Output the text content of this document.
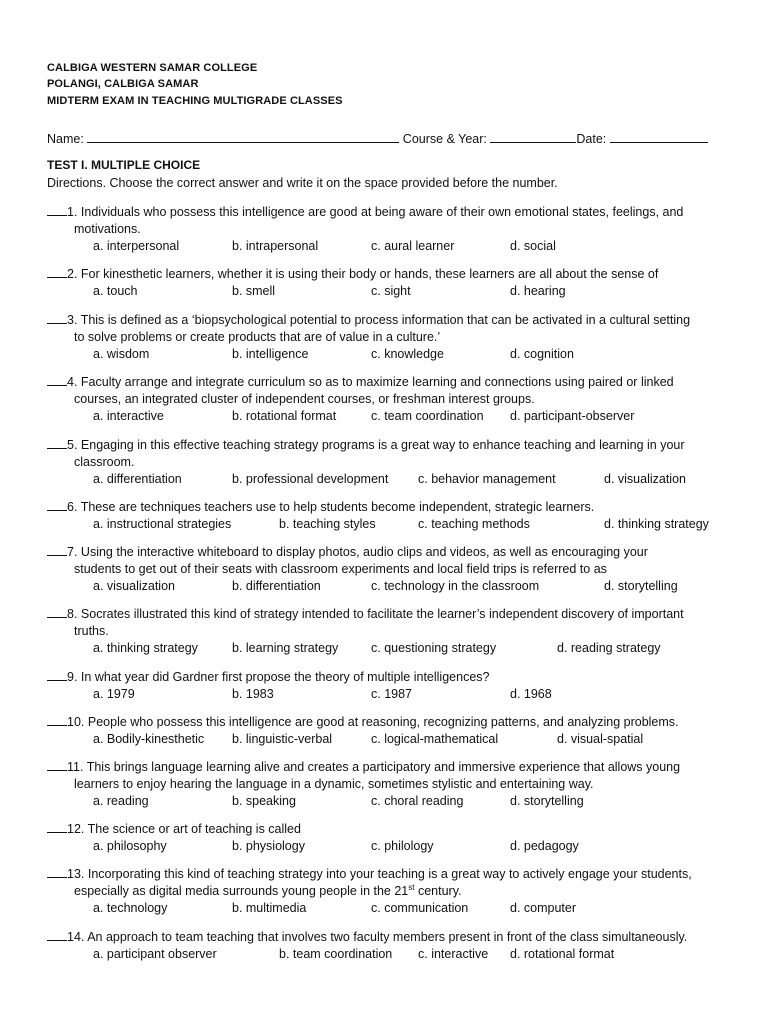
CALBIGA WESTERN SAMAR COLLEGE
POLANGI, CALBIGA SAMAR
MIDTERM EXAM IN TEACHING MULTIGRADE CLASSES
Name:	Course & Year:	Date:
TEST I. MULTIPLE CHOICE
Directions. Choose the correct answer and write it on the space provided before the number.
1. Individuals who possess this intelligence are good at being aware of their own emotional states, feelings, and
motivations.
a. interpersonal	b. intrapersonal	c. aural learner	d. social
2. For kinesthetic learners, whether it is using their body or hands, these learners are all about the sense of
a. touch	b. smell	c. sight	d. hearing
3. This is defined as a ‘biopsychological potential to process information that can be activated in a cultural setting
to solve problems or create products that are of value in a culture.’
a. wisdom	b. intelligence	c. knowledge	d. cognition
4. Faculty arrange and integrate curriculum so as to maximize learning and connections using paired or linked
courses, an integrated cluster of independent courses, or freshman interest groups.
a. interactive	b. rotational format	c. team coordination d. participant-observer
5. Engaging in this effective teaching strategy programs is a great way to enhance teaching and learning in your
classroom.
a. differentiation	b. professional development c. behavior management	d. visualization
6. These are techniques teachers use to help students become independent, strategic learners.
a. instructional strategies	b. teaching styles	c. teaching methods	d. thinking strategy
7. Using the interactive whiteboard to display photos, audio clips and videos, as well as encouraging your
students to get out of their seats with classroom experiments and local field trips is referred to as
a. visualization	b. differentiation	c. technology in the classroom	d. storytelling
8. Socrates illustrated this kind of strategy intended to facilitate the learner’s independent discovery of important
truths.
a. thinking strategy	b. learning strategy	c. questioning strategy	d. reading strategy
9. In what year did Gardner first propose the theory of multiple intelligences?
a. 1979	b. 1983	c. 1987	d. 1968
10. People who possess this intelligence are good at reasoning, recognizing patterns, and analyzing problems.
a. Bodily-kinesthetic b. linguistic-verbal	c. logical-mathematical	d. visual-spatial
11. This brings language learning alive and creates a participatory and immersive experience that allows young
learners to enjoy hearing the language in a dynamic, sometimes stylistic and entertaining way.
a. reading	b. speaking	c. choral reading	d. storytelling
12. The science or art of teaching is called
a. philosophy	b. physiology	c. philology	d. pedagogy
13. Incorporating this kind of teaching strategy into your teaching is a great way to actively engage your students,
especially as digital media surrounds young people in the 21st century.
a. technology	b. multimedia	c. communication	d. computer
14. An approach to team teaching that involves two faculty members present in front of the class simultaneously.
a. participant observer	b. team coordination c. interactive d. rotational format
